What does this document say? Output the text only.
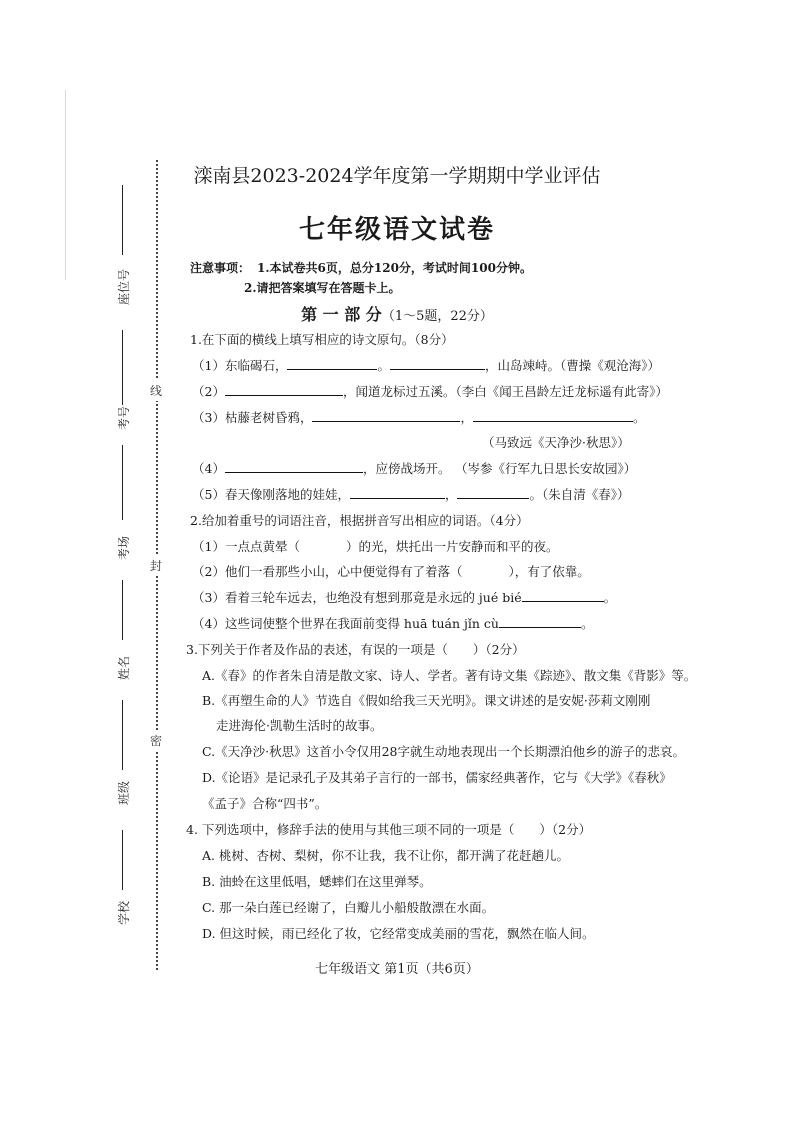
线
封
密
座位号
考号
考场
姓名
班级
学校
滦南县2023-2024学年度第一学期期中学业评估
七年级语文试卷
注意事项： 1.本试卷共6页，总分120分，考试时间100分钟。
2.请把答案填写在答题卡上。
第 一 部 分（1～5题，22分）
1.在下面的横线上填写相应的诗文原句。（8分）
（1）东临碣石，	。	，山岛竦峙。（曹操《观沧海》）
（2）	，闻道龙标过五溪。（李白《闻王昌龄左迁龙标遥有此寄》）
（3）枯藤老树昏鸦，	，	。
（马致远《天净沙·秋思》）
（4）	，应傍战场开。 （岑参《行军九日思长安故园》）
（5）春天像刚落地的娃娃，	，	。（朱自清《春》）
2.给加着重号的词语注音，根据拼音写出相应的词语。（4分）
（1）一点点黄晕（	）的光，烘托出一片安静而和平的夜。
（2）他们一看那些小山，心中便觉得有了着落（	），有了依靠。
（3）看着三轮车远去，也绝没有想到那竟是永远的 jué bié	。
（4）这些词使整个世界在我面前变得 huā tuán jǐn cù	。
3.下列关于作者及作品的表述，有误的一项是（　　）（2分）
A.《春》的作者朱自清是散文家、诗人、学者。著有诗文集《踪迹》、散文集《背影》等。
B.《再塑生命的人》节选自《假如给我三天光明》。课文讲述的是安妮·莎莉文刚刚
走进海伦·凯勒生活时的故事。
C.《天净沙·秋思》这首小令仅用28字就生动地表现出一个长期漂泊他乡的游子的悲哀。
D.《论语》是记录孔子及其弟子言行的一部书，儒家经典著作，它与《大学》《春秋》
《孟子》合称“四书”。
4. 下列选项中，修辞手法的使用与其他三项不同的一项是（　　）（2分）
A. 桃树、杏树、梨树，你不让我，我不让你，都开满了花赶趟儿。
B. 油蛉在这里低唱，蟋蟀们在这里弹琴。
C. 那一朵白莲已经谢了，白瓣儿小船般散漂在水面。
D. 但这时候，雨已经化了妆，它经常变成美丽的雪花，飘然在临人间。
七年级语文 第1页（共6页）
